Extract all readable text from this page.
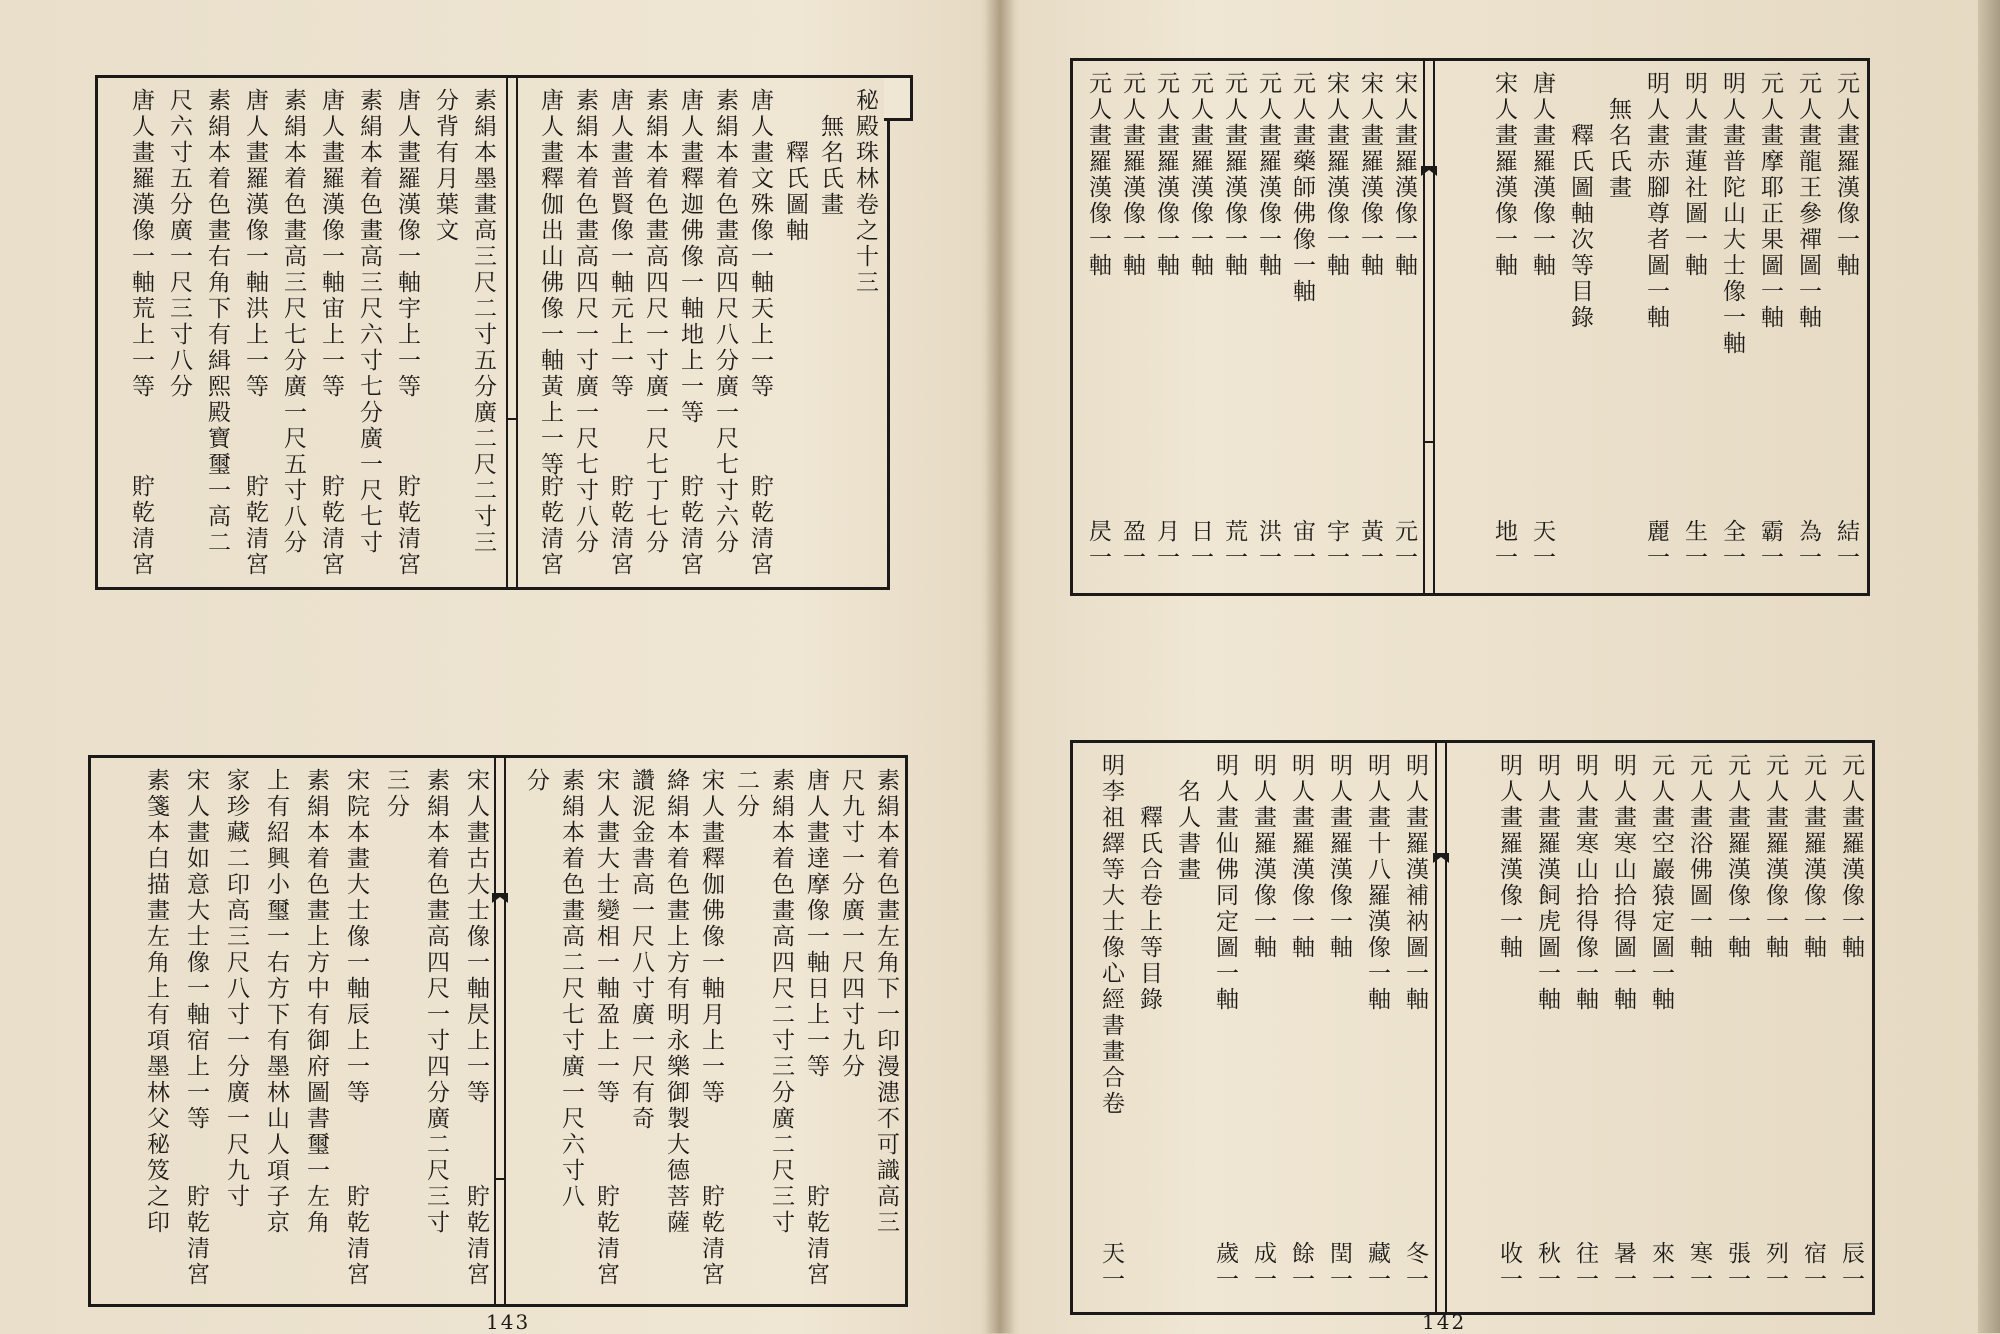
秘殿珠林卷之十三
　無名氏畫
　　釋氏圖軸
唐人畫文殊像一軸天上一等
貯乾清宮
素絹本着色畫高四尺八分廣一尺七寸六分
唐人畫釋迦佛像一軸地上一等
貯乾清宮
素絹本着色畫高四尺一寸廣一尺七丁七分
唐人畫普賢像一軸元上一等
貯乾清宮
素絹本着色畫高四尺一寸廣一尺七寸八分
唐人畫釋伽出山佛像一軸黃上一等
貯乾清宮
素絹本墨畫高三尺二寸五分廣二尺二寸三
分背有月葉文
唐人畫羅漢像一軸宇上一等
貯乾清宮
素絹本着色畫高三尺六寸七分廣一尺七寸
唐人畫羅漢像一軸宙上一等
貯乾清宮
素絹本着色畫高三尺七分廣一尺五寸八分
唐人畫羅漢像一軸洪上一等
貯乾清宮
素絹本着色畫右角下有緝熙殿寶璽一高二
尺六寸五分廣一尺三寸八分
唐人畫羅漢像一軸荒上一等
貯乾清宮
元人畫羅漢像一軸
結一
元人畫龍王參禪圖一軸
為一
元人畫摩耶正果圖一軸
霸一
明人畫普陀山大士像一軸
全一
明人畫蓮社圖一軸
生一
明人畫赤腳尊者圖一軸
麗一
　無名氏畫
　　釋氏圖軸次等目錄
唐人畫羅漢像一軸
天一
宋人畫羅漢像一軸
地一
宋人畫羅漢像一軸
元一
宋人畫羅漢像一軸
黃一
宋人畫羅漢像一軸
宇一
元人畫藥師佛像一軸
宙一
元人畫羅漢像一軸
洪一
元人畫羅漢像一軸
荒一
元人畫羅漢像一軸
日一
元人畫羅漢像一軸
月一
元人畫羅漢像一軸
盈一
元人畫羅漢像一軸
昃一
素絹本着色畫左角下一印漫漶不可識高三
尺九寸一分廣一尺四寸九分
唐人畫達摩像一軸日上一等
貯乾清宮
素絹本着色畫高四尺二寸三分廣二尺三寸
二分
宋人畫釋伽佛像一軸月上一等
貯乾清宮
絳絹本着色畫上方有明永樂御製大德菩薩
讚泥金書高一尺八寸廣一尺有奇
宋人畫大士變相一軸盈上一等
貯乾清宮
素絹本着色畫高二尺七寸廣一尺六寸八
分
宋人畫古大士像一軸昃上一等
貯乾清宮
素絹本着色畫高四尺一寸四分廣二尺三寸
三分
宋院本畫大士像一軸辰上一等
貯乾清宮
素絹本着色畫上方中有御府圖書璽一左角
上有紹興小璽一右方下有墨林山人項子京
家珍藏二印高三尺八寸一分廣一尺九寸
宋人畫如意大士像一軸宿上一等
貯乾清宮
素箋本白描畫左角上有項墨林父秘笈之印
143
元人畫羅漢像一軸
辰一
元人畫羅漢像一軸
宿一
元人畫羅漢像一軸
列一
元人畫羅漢像一軸
張一
元人畫浴佛圖一軸
寒一
元人畫空巖猿定圖一軸
來一
明人畫寒山拾得圖一軸
暑一
明人畫寒山拾得像一軸
往一
明人畫羅漢飼虎圖一軸
秋一
明人畫羅漢像一軸
收一
明人畫羅漢補衲圖一軸
冬一
明人畫十八羅漢像一軸
藏一
明人畫羅漢像一軸
閏一
明人畫羅漢像一軸
餘一
明人畫羅漢像一軸
成一
明人畫仙佛同定圖一軸
歲一
　名人書畫
　　釋氏合卷上等目錄
明李祖繹等大士像心經書畫合卷
天一
142
